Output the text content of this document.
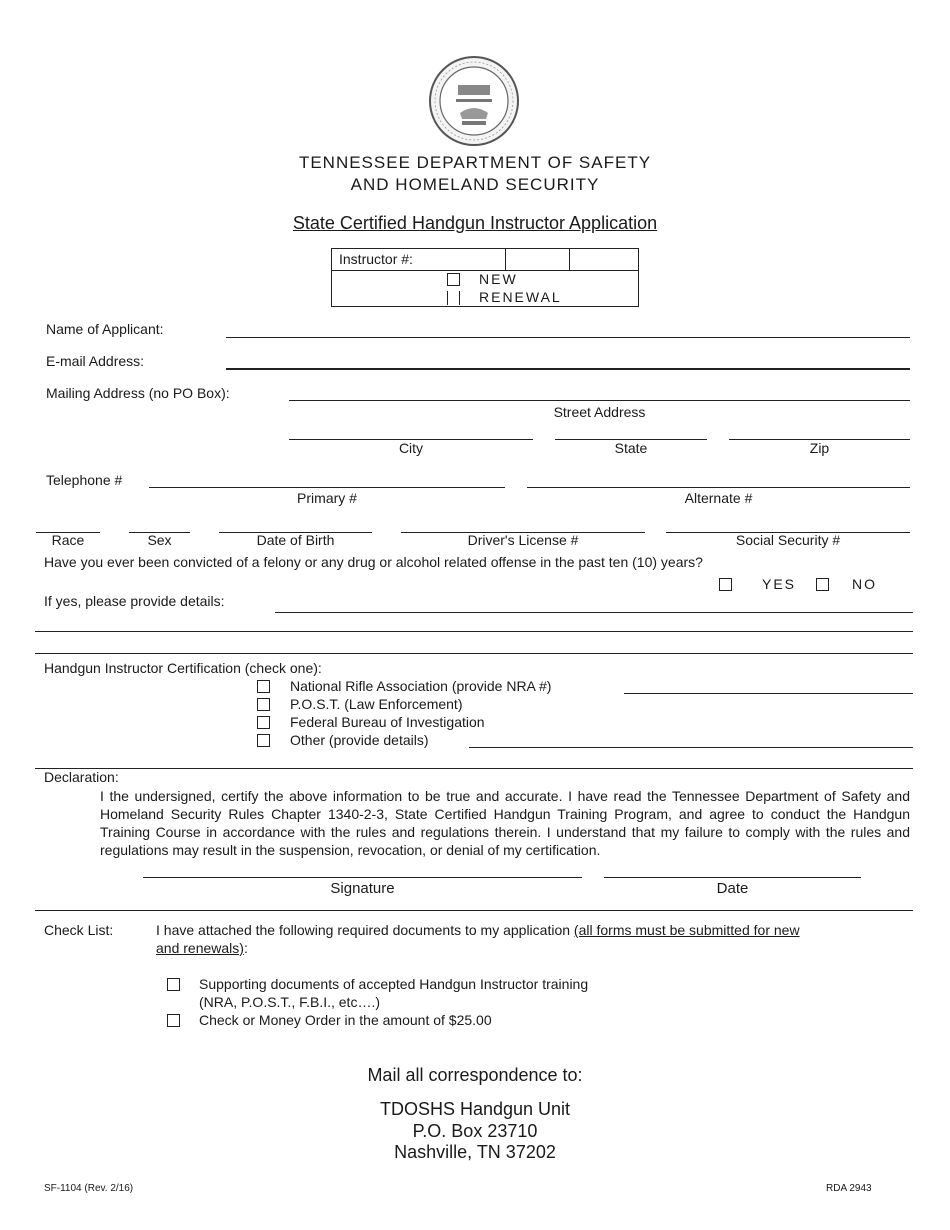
TENNESSEE DEPARTMENT OF SAFETY
AND HOMELAND SECURITY
State Certified Handgun Instructor Application
Instructor #:
NEW
RENEWAL
Name of Applicant:
E-mail Address:
Mailing Address (no PO Box):
Street Address
City	State	Zip
Telephone #
Primary #	Alternate #
Race	Sex	Date of Birth	Driver's License #	Social Security #
Have you ever been convicted of a felony or any drug or alcohol related offense in the past ten (10) years?
YES	NO
If yes, please provide details:
Handgun Instructor Certification (check one):
National Rifle Association (provide NRA #)
P.O.S.T. (Law Enforcement)
Federal Bureau of Investigation
Other (provide details)
Declaration:
I the undersigned, certify the above information to be true and accurate. I have read the Tennessee Department of Safety and Homeland Security Rules Chapter 1340-2-3, State Certified Handgun Training Program, and agree to conduct the Handgun Training Course in accordance with the rules and regulations therein. I understand that my failure to comply with the rules and regulations may result in the suspension, revocation, or denial of my certification.
Signature	Date
Check List:	I have attached the following required documents to my application (all forms must be submitted for new
and renewals):
Supporting documents of accepted Handgun Instructor training
(NRA, P.O.S.T., F.B.I., etc….)
Check or Money Order in the amount of $25.00
Mail all correspondence to:
TDOSHS Handgun Unit
P.O. Box 23710
Nashville, TN 37202
SF-1104 (Rev. 2/16)	RDA 2943
